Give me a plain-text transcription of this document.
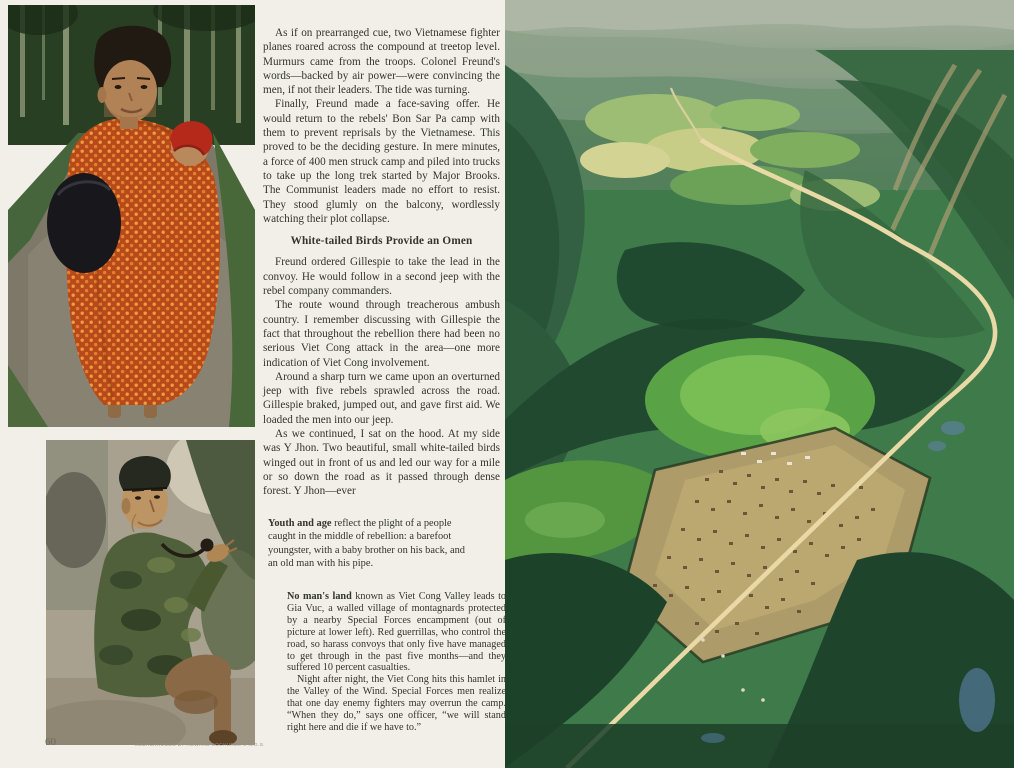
As if on prearranged cue, two Vietnamese fighter planes roared across the compound at treetop level. Murmurs came from the troops. Colonel Freund's words—backed by air power—were convincing the men, if not their leaders. The tide was turning.

Finally, Freund made a face-saving offer. He would return to the rebels' Bon Sar Pa camp with them to prevent reprisals by the Vietnamese. This proved to be the deciding gesture. In mere minutes, a force of 400 men struck camp and piled into trucks to take up the long trek started by Major Brooks. The Communist leaders made no effort to resist. They stood glumly on the balcony, wordlessly watching their plot collapse.

White-tailed Birds Provide an Omen

Freund ordered Gillespie to take the lead in the convoy. He would follow in a second jeep with the rebel company commanders.

The route wound through treacherous ambush country. I remember discussing with Gillespie the fact that throughout the rebellion there had been no serious Viet Cong attack in the area—one more indication of Viet Cong involvement.

Around a sharp turn we came upon an overturned jeep with five rebels sprawled across the road. Gillespie braked, jumped out, and gave first aid. We loaded the men into our jeep.

As we continued, I sat on the hood. At my side was Y Jhon. Two beautiful, small white-tailed birds winged out in front of us and led our way for a mile or so down the road as it passed through dense forest. Y Jhon—ever

Youth and age reflect the plight of a people caught in the middle of rebellion: a barefoot youngster, with a baby brother on his back, and an old man with his pipe.

No man's land known as Viet Cong Valley leads to Gia Vuc, a walled village of montagnards protected by a nearby Special Forces encampment (out of picture at lower left). Red guerrillas, who control the road, so harass convoys that only five have managed to get through in the past five months—and they suffered 10 percent casualties.

Night after night, the Viet Cong hits this hamlet in the Valley of the Wind. Special Forces men realize that one day enemy fighters may overrun the camp. “When they do,” says one officer, “we will stand right here and die if we have to.”

60	KODACHROMES BY HOWARD SOCHUREK © N.G.S.
